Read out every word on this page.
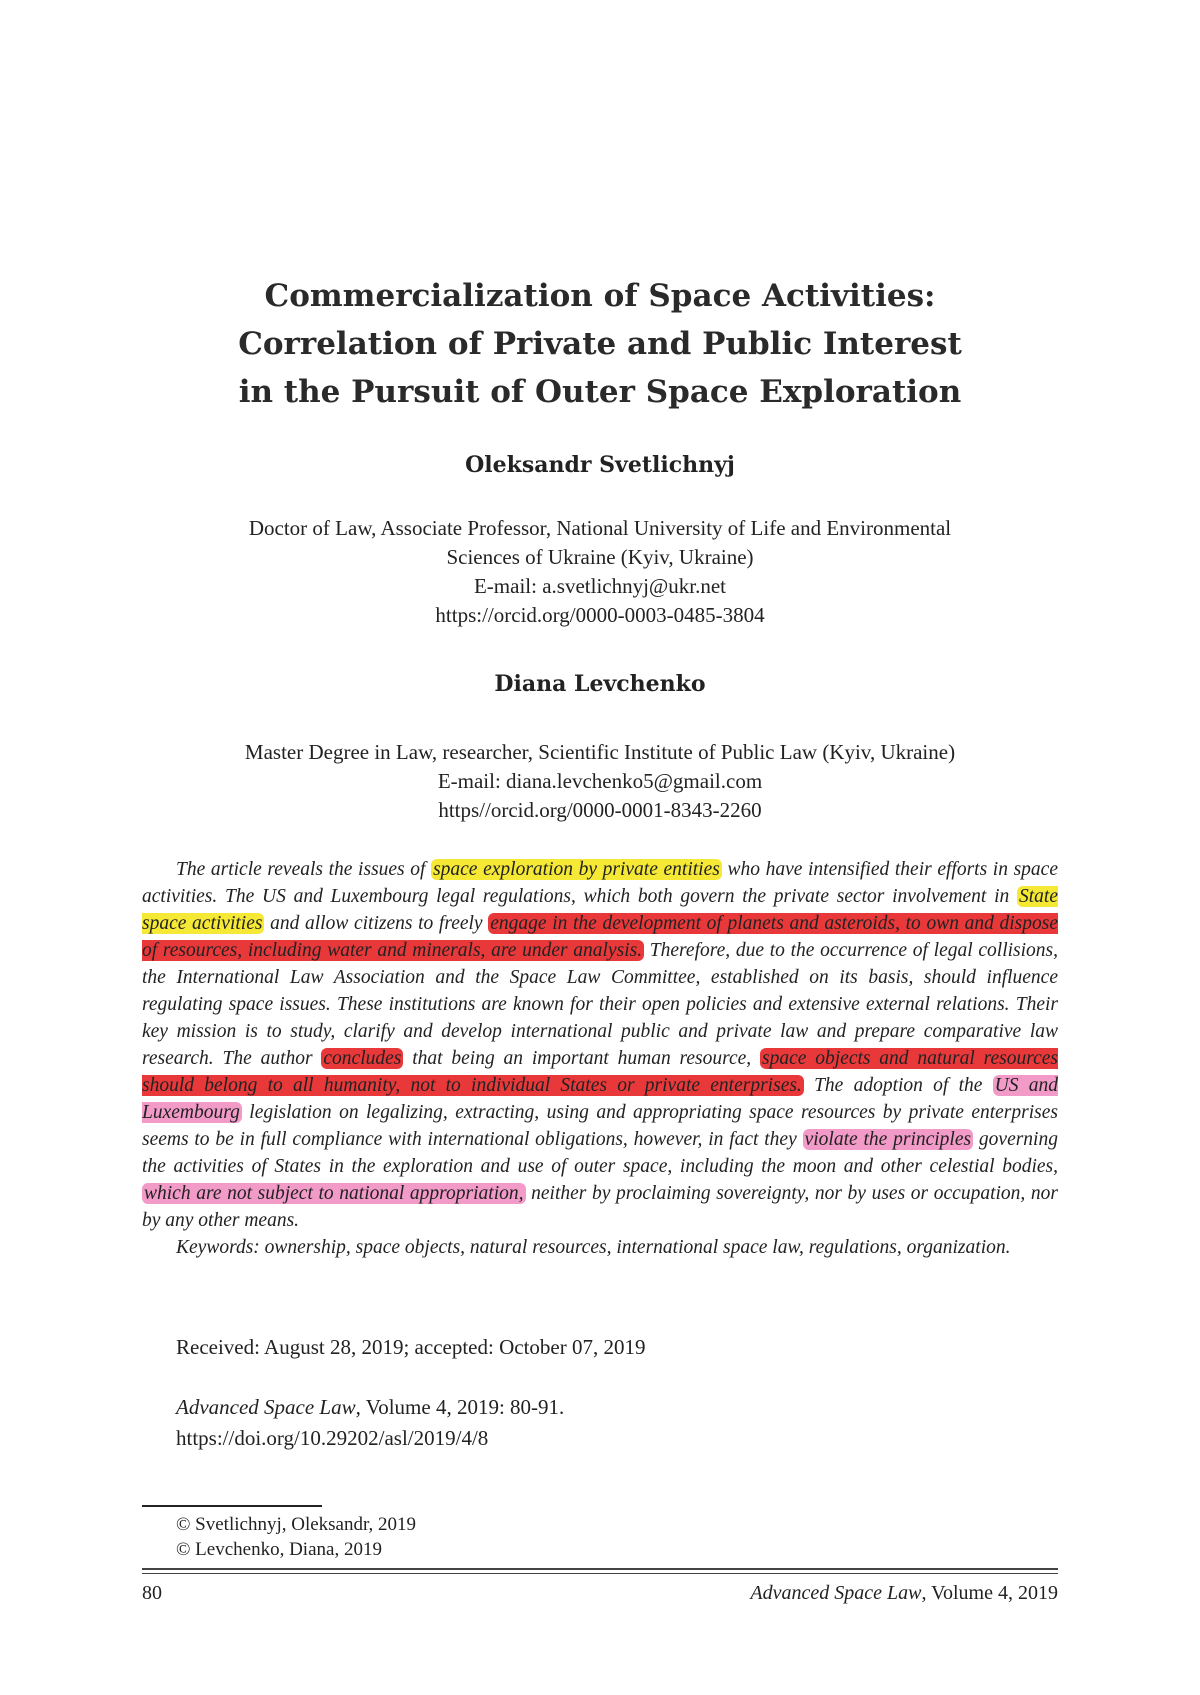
Commercialization of Space Activities:
Correlation of Private and Public Interest
in the Pursuit of Outer Space Exploration
Oleksandr Svetlichnyj
Doctor of Law, Associate Professor, National University of Life and Environmental
Sciences of Ukraine (Kyiv, Ukraine)
E-mail: a.svetlichnyj@ukr.net
https://orcid.org/0000-0003-0485-3804
Diana Levchenko
Master Degree in Law, researcher, Scientific Institute of Public Law (Kyiv, Ukraine)
E-mail: diana.levchenko5@gmail.com
https//orcid.org/0000-0001-8343-2260

The article reveals the issues of space exploration by private entities who have intensified their efforts in space activities. The US and Luxembourg legal regulations, which both govern the private sector involvement in State space activities and allow citizens to freely engage in the development of planets and asteroids, to own and dispose of resources, including water and minerals, are under analysis. Therefore, due to the occurrence of legal collisions, the International Law Association and the Space Law Committee, established on its basis, should influence regulating space issues. These institutions are known for their open policies and extensive external relations. Their key mission is to study, clarify and develop international public and private law and prepare comparative law research. The author concludes that being an important human resource, space objects and natural resources should belong to all humanity, not to individual States or private enterprises. The adoption of the US and Luxembourg legislation on legalizing, extracting, using and appropriating space resources by private enterprises seems to be in full compliance with international obligations, however, in fact they violate the principles governing the activities of States in the exploration and use of outer space, including the moon and other celestial bodies, which are not subject to national appropriation, neither by proclaiming sovereignty, nor by uses or occupation, nor by any other means.

Keywords: ownership, space objects, natural resources, international space law, regulations, organization.

Received: August 28, 2019; accepted: October 07, 2019
Advanced Space Law, Volume 4, 2019: 80-91.
https://doi.org/10.29202/asl/2019/4/8
© Svetlichnyj, Oleksandr, 2019
© Levchenko, Diana, 2019
80	Advanced Space Law, Volume 4, 2019
